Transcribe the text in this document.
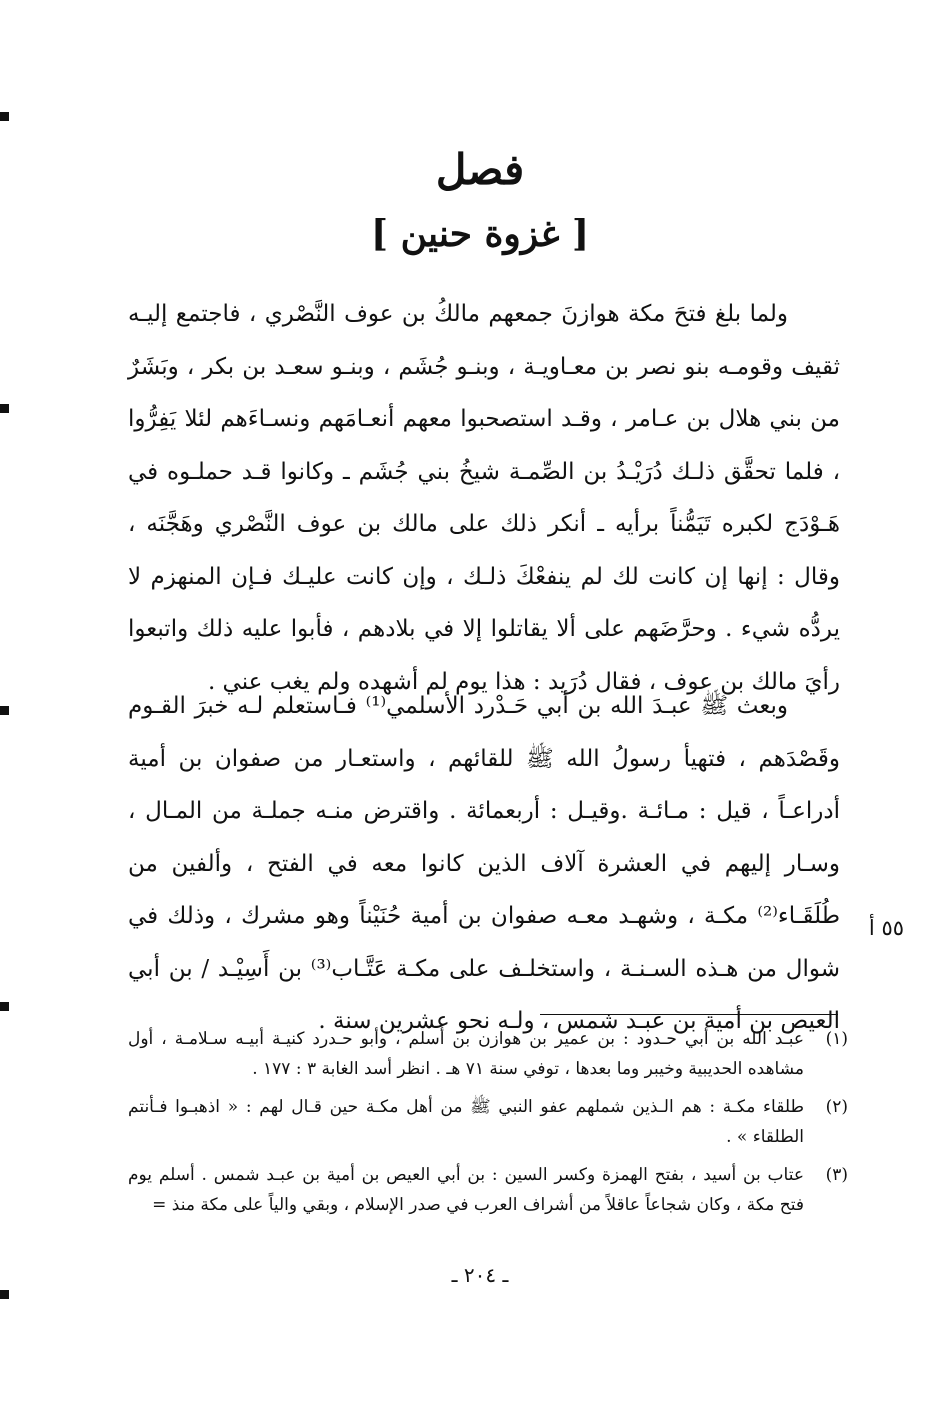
فصل
[ غزوة حنين ]

ولما بلغ فتحَ مكة هوازنَ جمعهم مالكُ بن عوف النَّصْري ، فاجتمع إليـه ثقيف وقومـه بنو نصر بن معـاويـة ، وبنـو جُشَم ، وبنـو سعـد بن بكر ، وبَشَرٌ من بني هلال بن عـامر ، وقـد استصحبوا معهم أنعـامَهم ونسـاءَهم لئلا يَفِرُّوا ، فلما تحقَّق ذلـك دُرَيْـدُ بن الصِّمـة شيخُ بني جُشَم ـ وكانوا قـد حملـوه في هَـوْدَج لكبره تَيَمُّناً برأيه ـ أنكر ذلك على مالك بن عوف النَّصْري وهَجَّنَه ، وقال : إنها إن كانت لك لم ينفعْكَ ذلـك ، وإن كانت عليـك فـإن المنهزم لا يردُّه شيء . وحرَّضَهم على ألا يقاتلوا إلا في بلادهم ، فأبوا عليه ذلك واتبعوا رأيَ مالك بن عوف ، فقال دُرَيد : هذا يوم لم أشهده ولم يغب عني .

وبعث ﷺ عبـدَ الله بن أبي حَـدْرد الأسلمي⁽¹⁾ فـاستعلم لـه خبرَ القـوم وقَصْدَهم ، فتهيأ رسولُ الله ﷺ للقائهم ، واستعـار من صفوان بن أمية أدراعـاً ، قيل : مـائـة .وقيـل : أربعمائة . واقترض منـه جملـة من المـال ، وسـار إليهم في العشرة آلاف الذين كانوا معه في الفتح ، وألفين من طُلَقَـاء⁽²⁾ مكـة ، وشهـد معـه صفوان بن أمية حُنَيْناً وهو مشرك ، وذلك في شوال من هـذه السـنـة ، واستخلـف على مكـة عَتَّـاب⁽³⁾ بن أَسِيْـد / بن أبي العيص بن أمية بن عبـد شمس ، ولـه نحو عشرين سنة .

٥٥ أ
(١)
عبـد الله بن أبي حـدود : بن عمير بن هوازن بن أسلم ، وأبو حـدرد كنيـة أبيـه سـلامـة ، أول مشاهده الحديبية وخيبر وما بعدها ، توفي سنة ٧١ هـ . انظر أسد الغابة ٣ : ١٧٧ .
(٢)
طلقاء مكـة : هم الـذين شملهم عفو النبي ﷺ من أهل مكـة حين قـال لهم : « اذهبـوا فـأنتم الطلقاء » .
(٣)
عتاب بن أسيد ، بفتح الهمزة وكسر السين : بن أبي العيص بن أمية بن عبـد شمس . أسلم يوم فتح مكة ، وكان شجاعاً عاقلاً من أشراف العرب في صدر الإسلام ، وبقي والياً على مكة منذ =
ـ ٢٠٤ ـ
